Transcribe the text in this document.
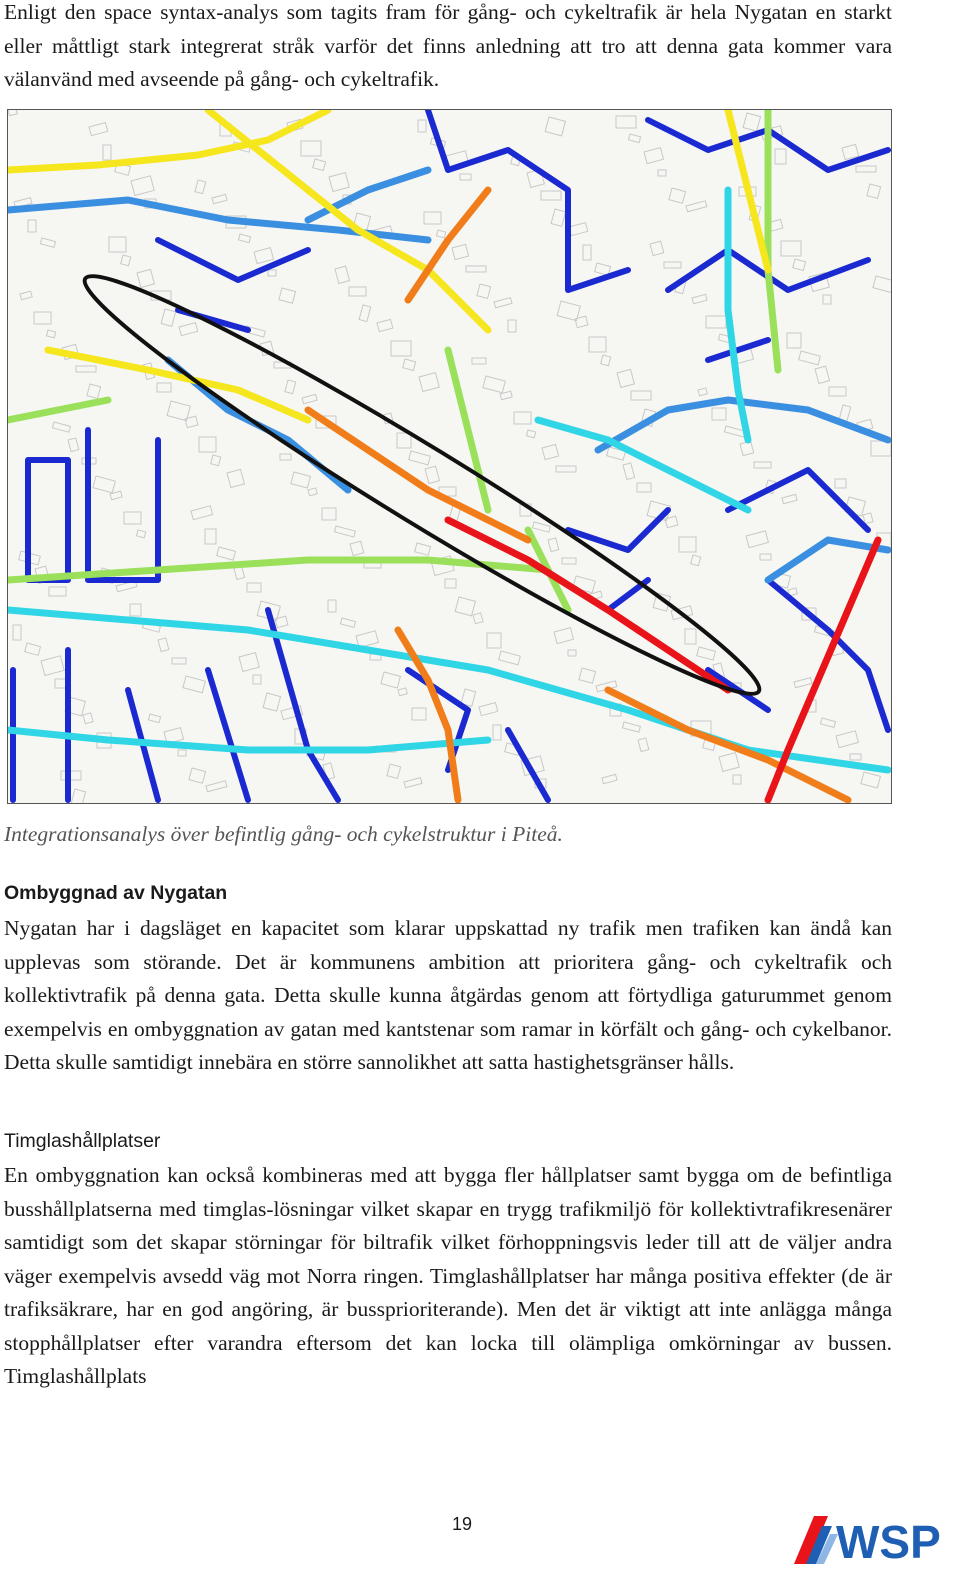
Enligt den space syntax-analys som tagits fram för gång- och cykeltrafik är hela Nygatan en starkt eller måttligt stark integrerat stråk varför det finns anledning att tro att denna gata kommer vara välanvänd med avseende på gång- och cykeltrafik.

Integrationsanalys över befintlig gång- och cykelstruktur i Piteå.

Ombyggnad av Nygatan

Nygatan har i dagsläget en kapacitet som klarar uppskattad ny trafik men trafiken kan ändå kan upplevas som störande. Det är kommunens ambition att prioritera gång- och cykeltrafik och kollektivtrafik på denna gata. Detta skulle kunna åtgärdas genom att förtydliga gaturummet genom exempelvis en ombyggnation av gatan med kantstenar som ramar in körfält och gång- och cykelbanor. Detta skulle samtidigt innebära en större sannolikhet att satta hastighetsgränser hålls.

Timglashållplatser

En ombyggnation kan också kombineras med att bygga fler hållplatser samt bygga om de befintliga busshållplatserna med timglas-lösningar vilket skapar en trygg trafikmiljö för kollektivtrafikresenärer samtidigt som det skapar störningar för biltrafik vilket förhoppningsvis leder till att de väljer andra väger exempelvis avsedd väg mot Norra ringen. Timglashållplatser har många positiva effekter (de är trafiksäkrare, har en god angöring, är bussprioriterande). Men det är viktigt att inte anlägga många stopphållplatser efter varandra eftersom det kan locka till olämpliga omkörningar av bussen. Timglashållplats

19	WSP
